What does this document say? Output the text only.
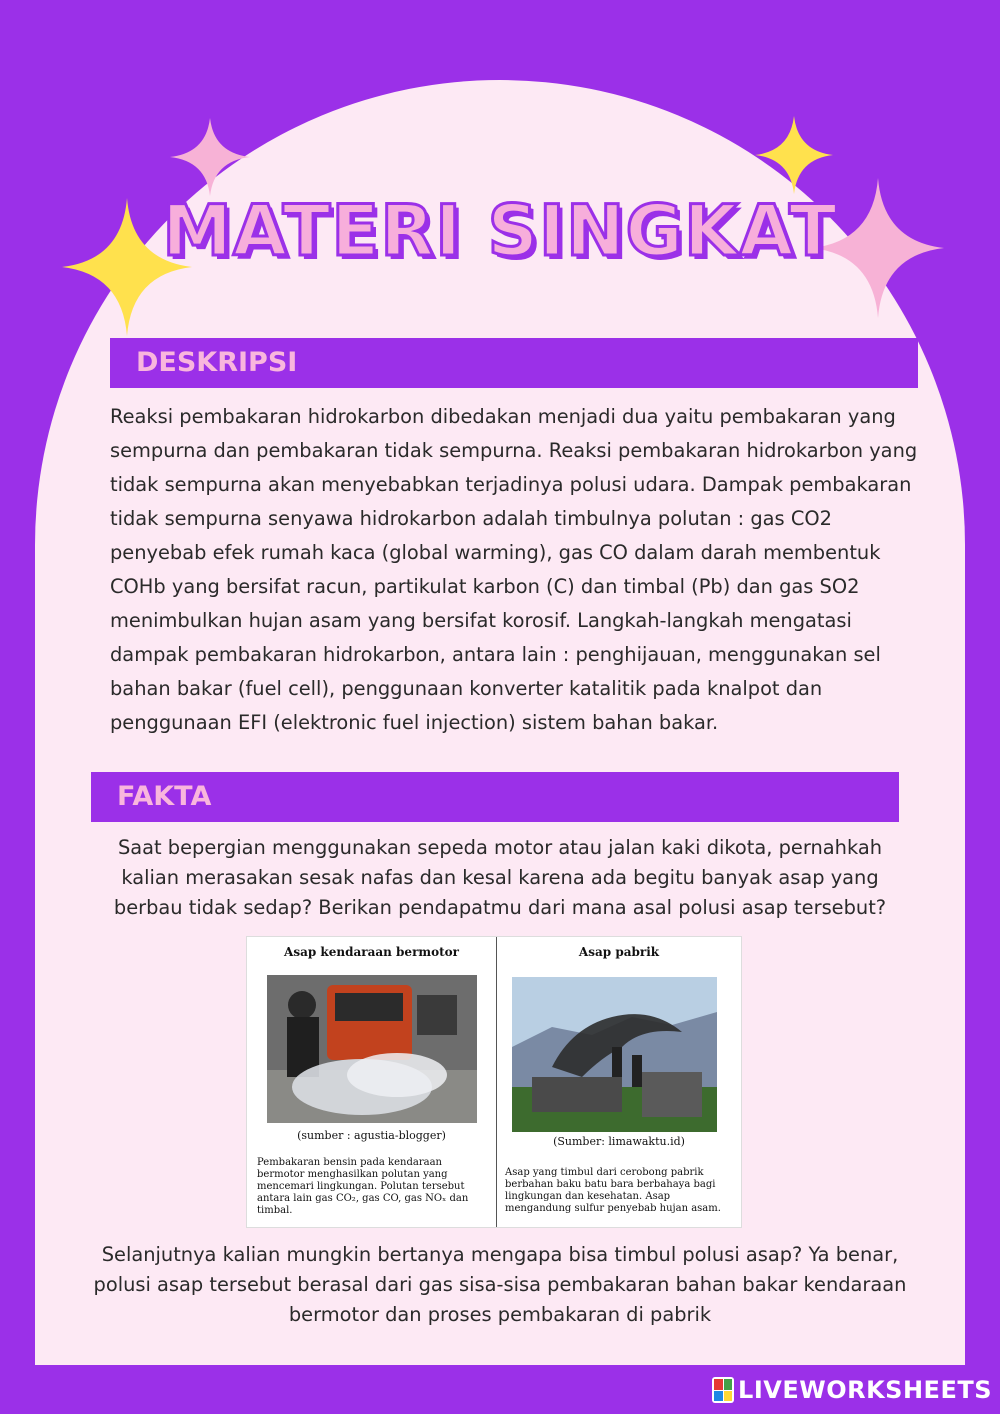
MATERI SINGKAT
DESKRIPSI
Reaksi pembakaran hidrokarbon dibedakan menjadi dua yaitu pembakaran yang sempurna dan pembakaran tidak sempurna. Reaksi pembakaran hidrokarbon yang tidak sempurna akan menyebabkan terjadinya polusi udara. Dampak pembakaran tidak sempurna senyawa hidrokarbon adalah timbulnya polutan : gas CO2 penyebab efek rumah kaca (global warming), gas CO dalam darah membentuk COHb yang bersifat racun, partikulat karbon (C) dan timbal (Pb) dan gas SO2 menimbulkan hujan asam yang bersifat korosif. Langkah-langkah mengatasi dampak pembakaran hidrokarbon, antara lain : penghijauan, menggunakan sel bahan bakar (fuel cell), penggunaan konverter katalitik pada knalpot dan penggunaan EFI (elektronic fuel injection) sistem bahan bakar.
FAKTA
Saat bepergian menggunakan sepeda motor atau jalan kaki dikota, pernahkah kalian merasakan sesak nafas dan kesal karena ada begitu banyak asap yang berbau tidak sedap? Berikan pendapatmu dari mana asal polusi asap tersebut?
Asap kendaraan bermotor
(sumber : agustia-blogger)
Pembakaran bensin pada kendaraan bermotor menghasilkan polutan yang mencemari lingkungan. Polutan tersebut antara lain gas CO₂, gas CO, gas NOₓ dan timbal.
Asap pabrik
(Sumber: limawaktu.id)
Asap yang timbul dari cerobong pabrik berbahan baku batu bara berbahaya bagi lingkungan dan kesehatan. Asap mengandung sulfur penyebab hujan asam.
Selanjutnya kalian mungkin bertanya mengapa bisa timbul polusi asap? Ya benar, polusi asap tersebut berasal dari gas sisa-sisa pembakaran bahan bakar kendaraan bermotor dan proses pembakaran di pabrik
LIVEWORKSHEETS
